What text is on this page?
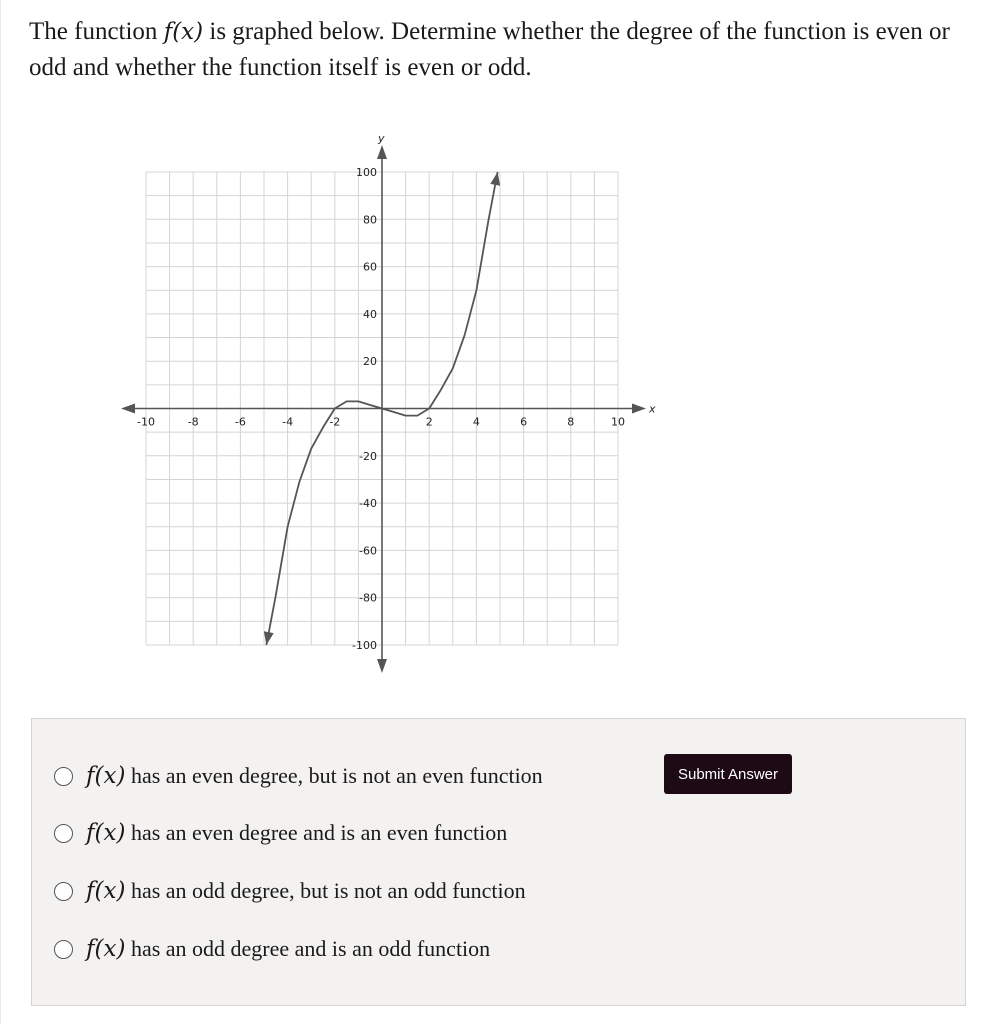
The function f(x) is graphed below. Determine whether the degree of the function is even or odd and whether the function itself is even or odd.

x
y
-10	-8	-6	-4	-2	2	4	6	8	10
100
80
60
40
20
-20
-40
-60
-80
-100
f(x) has an even degree, but is not an even function
f(x) has an even degree and is an even function
f(x) has an odd degree, but is not an odd function
f(x) has an odd degree and is an odd function
Submit Answer
